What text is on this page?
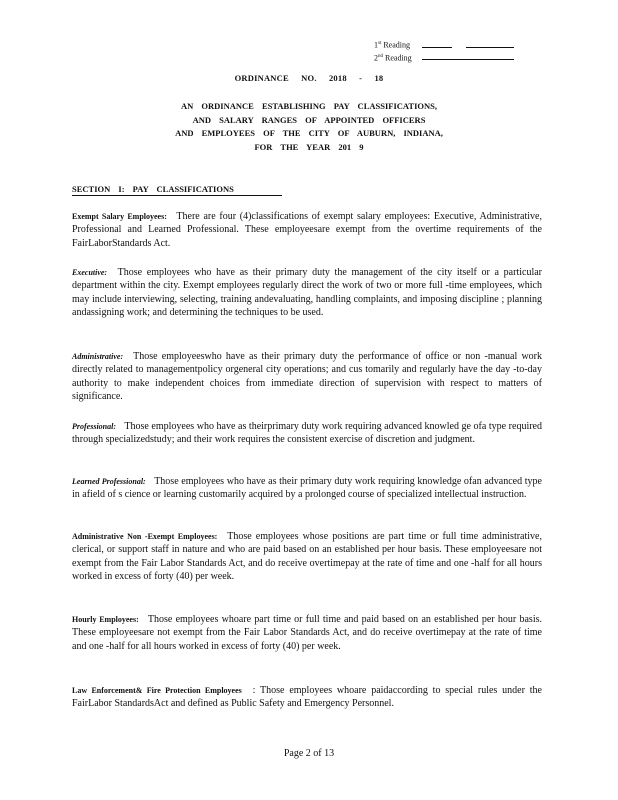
1st Reading
2nd Reading
ORDINANCE NO. 2018 - 18
AN ORDINANCE ESTABLISHING PAY CLASSIFICATIONS,
AND SALARY RANGES OF APPOINTED OFFICERS
AND EMPLOYEES OF THE CITY OF AUBURN, INDIANA,
FOR THE YEAR 201 9
SECTION I: PAY CLASSIFICATIONS
Exempt Salary Employees: There are four (4)classifications of exempt salary employees: Executive, Administrative, Professional and Learned Professional. These employeesare exempt from the overtime requirements of the FairLaborStandards Act.
Executive: Those employees who have as their primary duty the management of the city itself or a particular department within the city. Exempt employees regularly direct the work of two or more full -time employees, which may include interviewing, selecting, training andevaluating, handling complaints, and imposing discipline ; planning andassigning work; and determining the techniques to be used.
Administrative: Those employeeswho have as their primary duty the performance of office or non -manual work directly related to managementpolicy orgeneral city operations; and cus tomarily and regularly have the day -to-day authority to make independent choices from immediate direction of supervision with respect to matters of significance.
Professional: Those employees who have as theirprimary duty work requiring advanced knowled ge ofa type required through specializedstudy; and their work requires the consistent exercise of discretion and judgment.
Learned Professional: Those employees who have as their primary duty work requiring knowledge ofan advanced type in afield of s cience or learning customarily acquired by a prolonged course of specialized intellectual instruction.
Administrative Non -Exempt Employees: Those employees whose positions are part time or full time administrative, clerical, or support staff in nature and who are paid based on an established per hour basis. These employeesare not exempt from the Fair Labor Standards Act, and do receive overtimepay at the rate of time and one -half for all hours worked in excess of forty (40) per week.
Hourly Employees: Those employees whoare part time or full time and paid based on an established per hour basis. These employeesare not exempt from the Fair Labor Standards Act, and do receive overtimepay at the rate of time and one -half for all hours worked in excess of forty (40) per week.
Law Enforcement& Fire Protection Employees : Those employees whoare paidaccording to special rules under the FairLabor StandardsAct and defined as Public Safety and Emergency Personnel.
Page 2 of 13
